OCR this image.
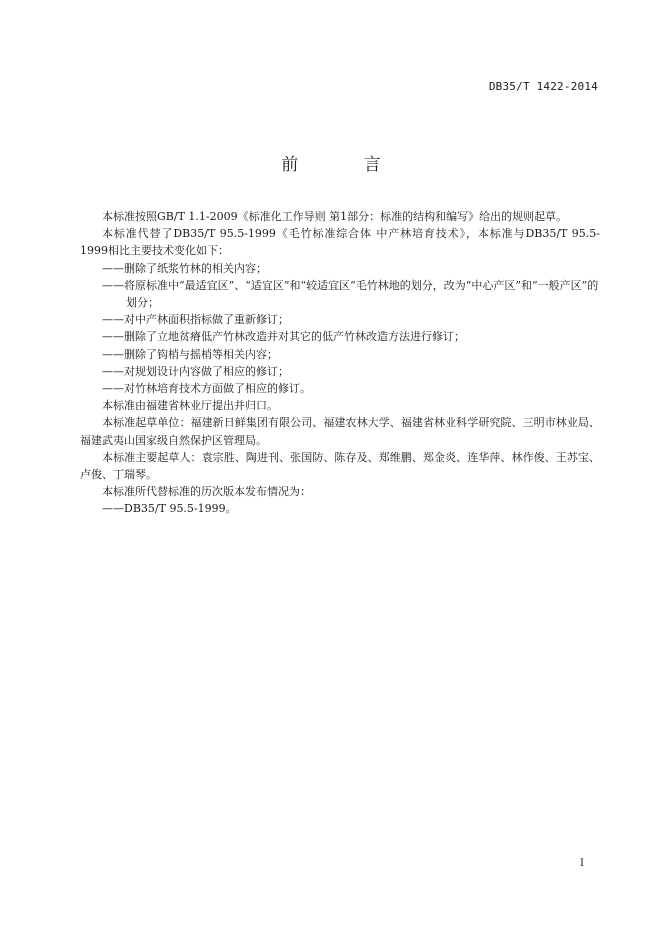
DB35/T 1422-2014
前 言

本标准按照GB/T 1.1-2009《标准化工作导则 第1部分：标准的结构和编写》给出的规则起草。

本标准代替了DB35/T 95.5-1999《毛竹标准综合体 中产林培育技术》，本标准与DB35/T 95.5-1999相比主要技术变化如下：

——删除了纸浆竹林的相关内容；

——将原标准中“最适宜区”、“适宜区”和“较适宜区”毛竹林地的划分，改为“中心产区”和“一般产区”的划分；

——对中产林面积指标做了重新修订；

——删除了立地贫瘠低产竹林改造并对其它的低产竹林改造方法进行修订；

——删除了钩梢与摇梢等相关内容；

——对规划设计内容做了相应的修订；

——对竹林培育技术方面做了相应的修订。

本标准由福建省林业厅提出并归口。

本标准起草单位：福建新日鲜集团有限公司、福建农林大学、福建省林业科学研究院、三明市林业局、福建武夷山国家级自然保护区管理局。

本标准主要起草人：袁宗胜、陶进刊、张国防、陈存及、郑维鹏、郑金炎、连华萍、林作俊、王苏宝、卢俊、丁瑞琴。

本标准所代替标准的历次版本发布情况为：

——DB35/T 95.5-1999。

I
